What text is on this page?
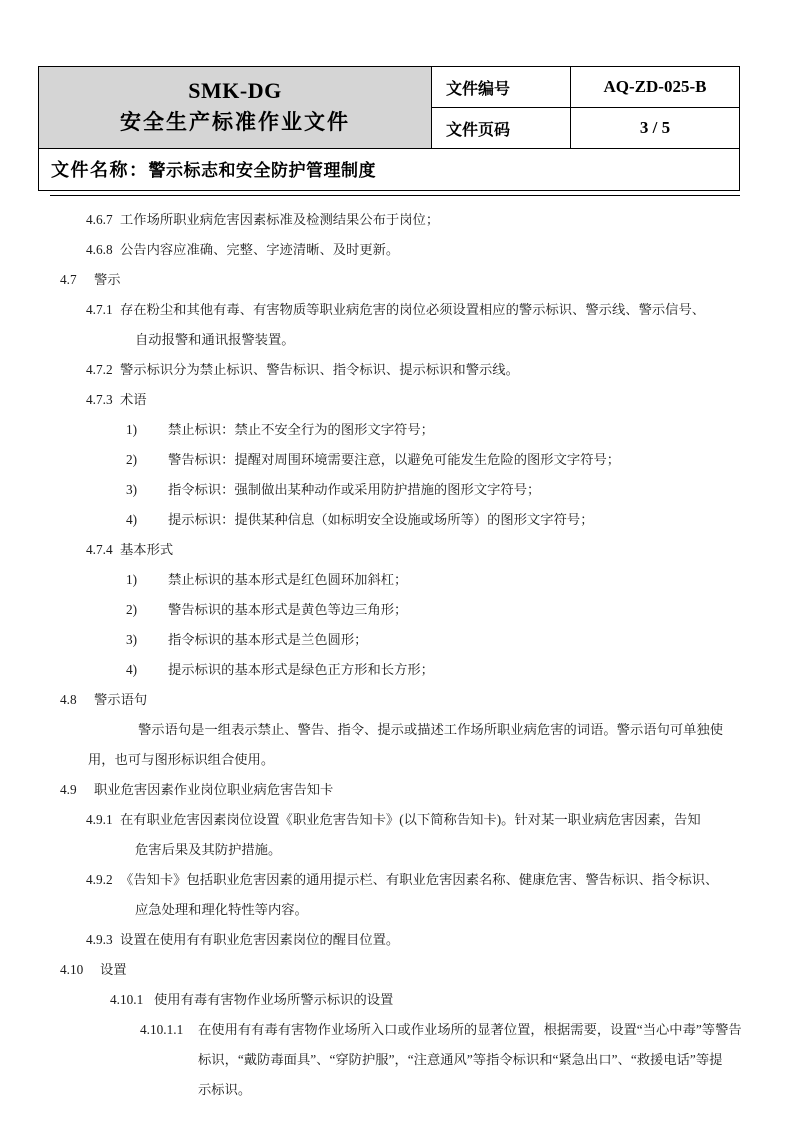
SMK-DG
安全生产标准作业文件	文件编号	AQ-ZD-025-B
	文件页码	3 / 5
文件名称：警示标志和安全防护管理制度		
4.6.7 工作场所职业病危害因素标准及检测结果公布于岗位；
4.6.8 公告内容应准确、完整、字迹清晰、及时更新。
4.7 警示
4.7.1 存在粉尘和其他有毒、有害物质等职业病危害的岗位必须设置相应的警示标识、警示线、警示信号、
自动报警和通讯报警装置。
4.7.2 警示标识分为禁止标识、警告标识、指令标识、提示标识和警示线。
4.7.3 术语
1) 禁止标识：禁止不安全行为的图形文字符号；
2) 警告标识：提醒对周围环境需要注意，以避免可能发生危险的图形文字符号；
3) 指令标识：强制做出某种动作或采用防护措施的图形文字符号；
4) 提示标识：提供某种信息（如标明安全设施或场所等）的图形文字符号；
4.7.4 基本形式
1) 禁止标识的基本形式是红色圆环加斜杠；
2) 警告标识的基本形式是黄色等边三角形；
3) 指令标识的基本形式是兰色圆形；
4) 提示标识的基本形式是绿色正方形和长方形；
4.8 警示语句
警示语句是一组表示禁止、警告、指令、提示或描述工作场所职业病危害的词语。警示语句可单独使
用，也可与图形标识组合使用。
4.9 职业危害因素作业岗位职业病危害告知卡
4.9.1 在有职业危害因素岗位设置《职业危害告知卡》(以下简称告知卡)。针对某一职业病危害因素，告知
危害后果及其防护措施。
4.9.2 《告知卡》包括职业危害因素的通用提示栏、有职业危害因素名称、健康危害、警告标识、指令标识、
应急处理和理化特性等内容。
4.9.3 设置在使用有有职业危害因素岗位的醒目位置。
4.10 设置
4.10.1 使用有毒有害物作业场所警示标识的设置
4.10.1.1 在使用有有毒有害物作业场所入口或作业场所的显著位置，根据需要，设置“当心中毒”等警告
标识，“戴防毒面具”、“穿防护服”，“注意通风”等指令标识和“紧急出口”、“救援电话”等提
示标识。
